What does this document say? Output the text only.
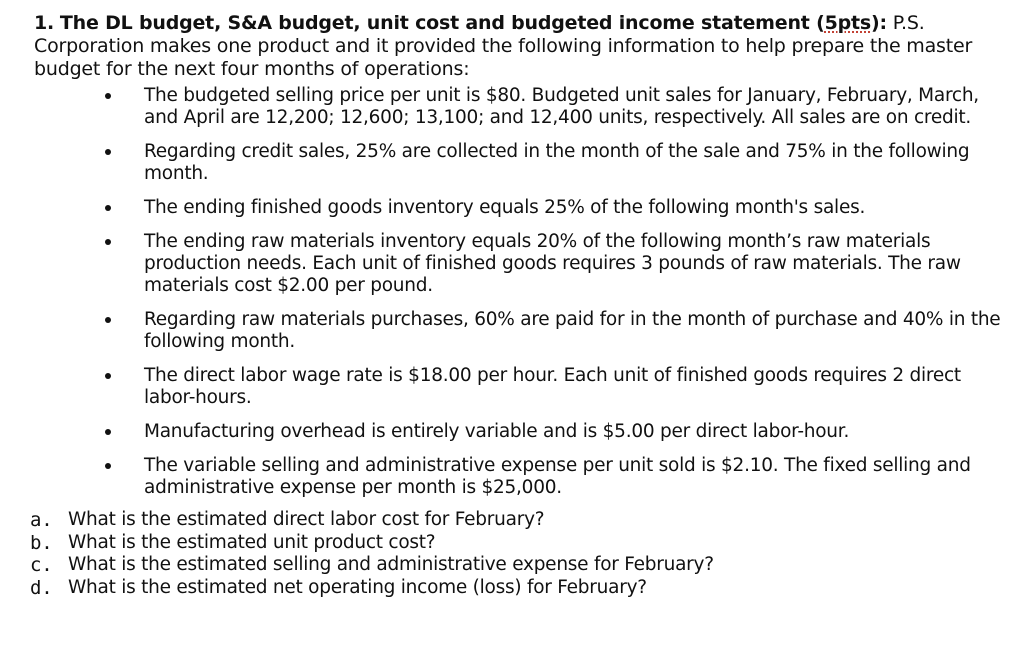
1. The DL budget, S&A budget, unit cost and budgeted income statement (5pts): P.S. Corporation makes one product and it provided the following information to help prepare the master budget for the next four months of operations:

The budgeted selling price per unit is $80. Budgeted unit sales for January, February, March, and April are 12,200; 12,600; 13,100; and 12,400 units, respectively. All sales are on credit.
Regarding credit sales, 25% are collected in the month of the sale and 75% in the following month.
The ending finished goods inventory equals 25% of the following month's sales.
The ending raw materials inventory equals 20% of the following month’s raw materials production needs. Each unit of finished goods requires 3 pounds of raw materials. The raw materials cost $2.00 per pound.
Regarding raw materials purchases, 60% are paid for in the month of purchase and 40% in the following month.
The direct labor wage rate is $18.00 per hour. Each unit of finished goods requires 2 direct labor-hours.
Manufacturing overhead is entirely variable and is $5.00 per direct labor-hour.
The variable selling and administrative expense per unit sold is $2.10. The fixed selling and administrative expense per month is $25,000.
a. What is the estimated direct labor cost for February?
b. What is the estimated unit product cost?
c. What is the estimated selling and administrative expense for February?
d. What is the estimated net operating income (loss) for February?
